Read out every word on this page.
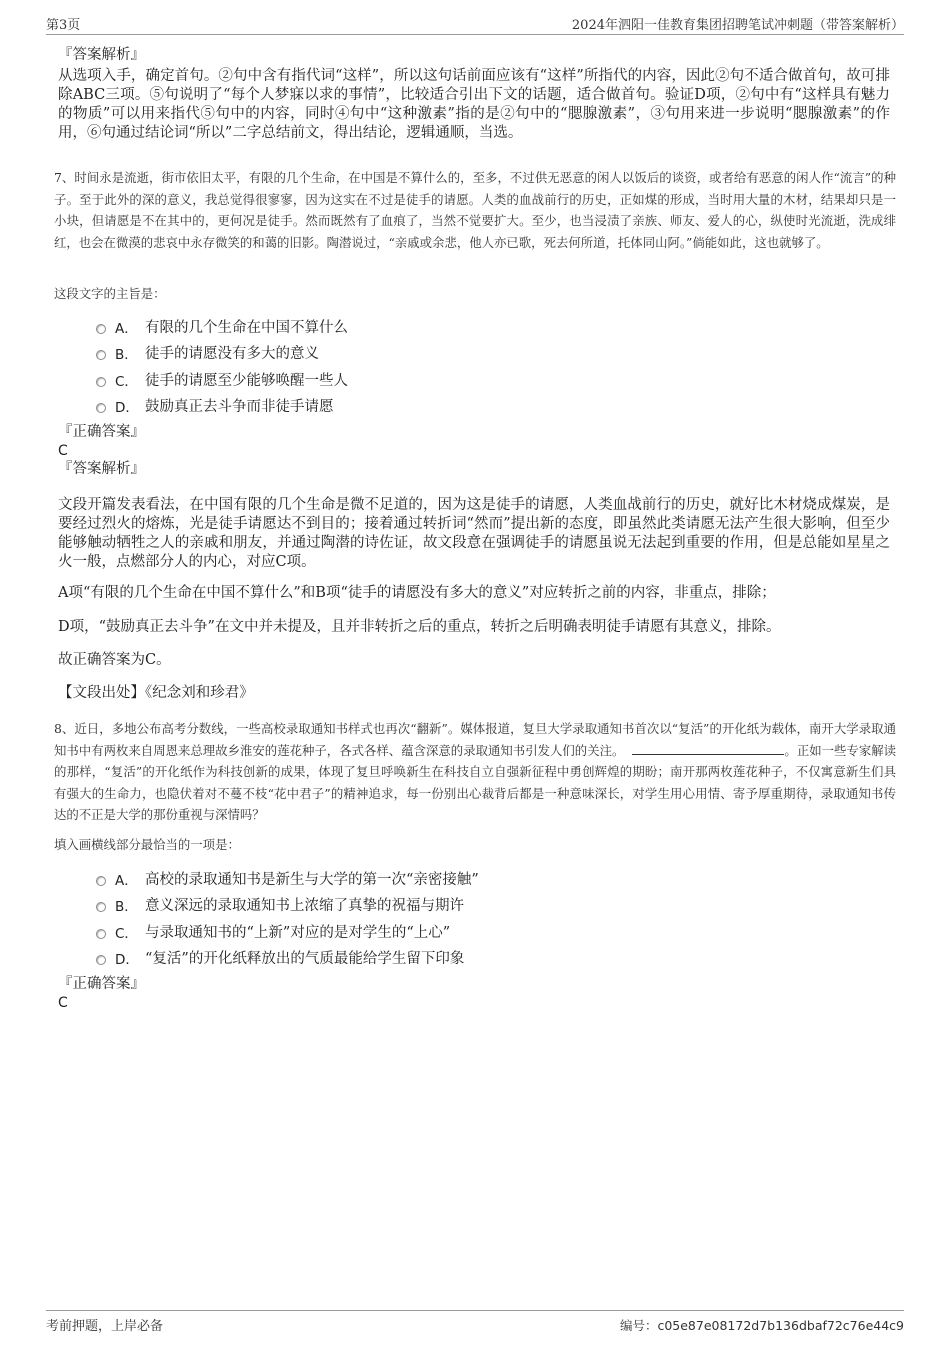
第3页	2024年泗阳一佳教育集团招聘笔试冲刺题（带答案解析）
『答案解析』
从选项入手，确定首句。②句中含有指代词“这样”，所以这句话前面应该有“这样”所指代的内容，因此②句不适合做首句，故可排除ABC三项。⑤句说明了“每个人梦寐以求的事情”，比较适合引出下文的话题，适合做首句。验证D项，②句中有“这样具有魅力的物质”可以用来指代⑤句中的内容，同时④句中“这种激素”指的是②句中的“腮腺激素”，③句用来进一步说明“腮腺激素”的作用，⑥句通过结论词“所以”二字总结前文，得出结论，逻辑通顺，当选。
7、时间永是流逝，街市依旧太平，有限的几个生命，在中国是不算什么的，至多，不过供无恶意的闲人以饭后的谈资，或者给有恶意的闲人作“流言”的种子。至于此外的深的意义，我总觉得很寥寥，因为这实在不过是徒手的请愿。人类的血战前行的历史，正如煤的形成，当时用大量的木材，结果却只是一小块，但请愿是不在其中的，更何况是徒手。然而既然有了血痕了，当然不觉要扩大。至少，也当浸渍了亲族、师友、爱人的心，纵使时光流逝，洗成绯红，也会在微漠的悲哀中永存微笑的和蔼的旧影。陶潜说过，“亲戚或余悲，他人亦已歌，死去何所道，托体同山阿。”倘能如此，这也就够了。
这段文字的主旨是：
A． 有限的几个生命在中国不算什么
B． 徒手的请愿没有多大的意义
C． 徒手的请愿至少能够唤醒一些人
D． 鼓励真正去斗争而非徒手请愿
『正确答案』
C
『答案解析』
文段开篇发表看法，在中国有限的几个生命是微不足道的，因为这是徒手的请愿，人类血战前行的历史，就好比木材烧成煤炭，是要经过烈火的熔炼，光是徒手请愿达不到目的；接着通过转折词“然而”提出新的态度，即虽然此类请愿无法产生很大影响，但至少能够触动牺牲之人的亲戚和朋友，并通过陶潜的诗佐证，故文段意在强调徒手的请愿虽说无法起到重要的作用，但是总能如星星之火一般，点燃部分人的内心，对应C项。
A项“有限的几个生命在中国不算什么”和B项“徒手的请愿没有多大的意义”对应转折之前的内容，非重点，排除；
D项，“鼓励真正去斗争”在文中并未提及，且并非转折之后的重点，转折之后明确表明徒手请愿有其意义，排除。
故正确答案为C。
【文段出处】《纪念刘和珍君》
8、近日，多地公布高考分数线，一些高校录取通知书样式也再次“翻新”。媒体报道，复旦大学录取通知书首次以“复活”的开化纸为载体，南开大学录取通知书中有两枚来自周恩来总理故乡淮安的莲花种子，各式各样、蕴含深意的录取通知书引发人们的关注。	。正如一些专家解读的那样，“复活”的开化纸作为科技创新的成果，体现了复旦呼唤新生在科技自立自强新征程中勇创辉煌的期盼；南开那两枚莲花种子，不仅寓意新生们具有强大的生命力，也隐伏着对不蔓不枝“花中君子”的精神追求，每一份别出心裁背后都是一种意味深长，对学生用心用情、寄予厚重期待，录取通知书传达的不正是大学的那份重视与深情吗？
填入画横线部分最恰当的一项是：
A． 高校的录取通知书是新生与大学的第一次“亲密接触”
B． 意义深远的录取通知书上浓缩了真挚的祝福与期许
C． 与录取通知书的“上新”对应的是对学生的“上心”
D． “复活”的开化纸释放出的气质最能给学生留下印象
『正确答案』
C
考前押题，上岸必备	编号：c05e87e08172d7b136dbaf72c76e44c9
